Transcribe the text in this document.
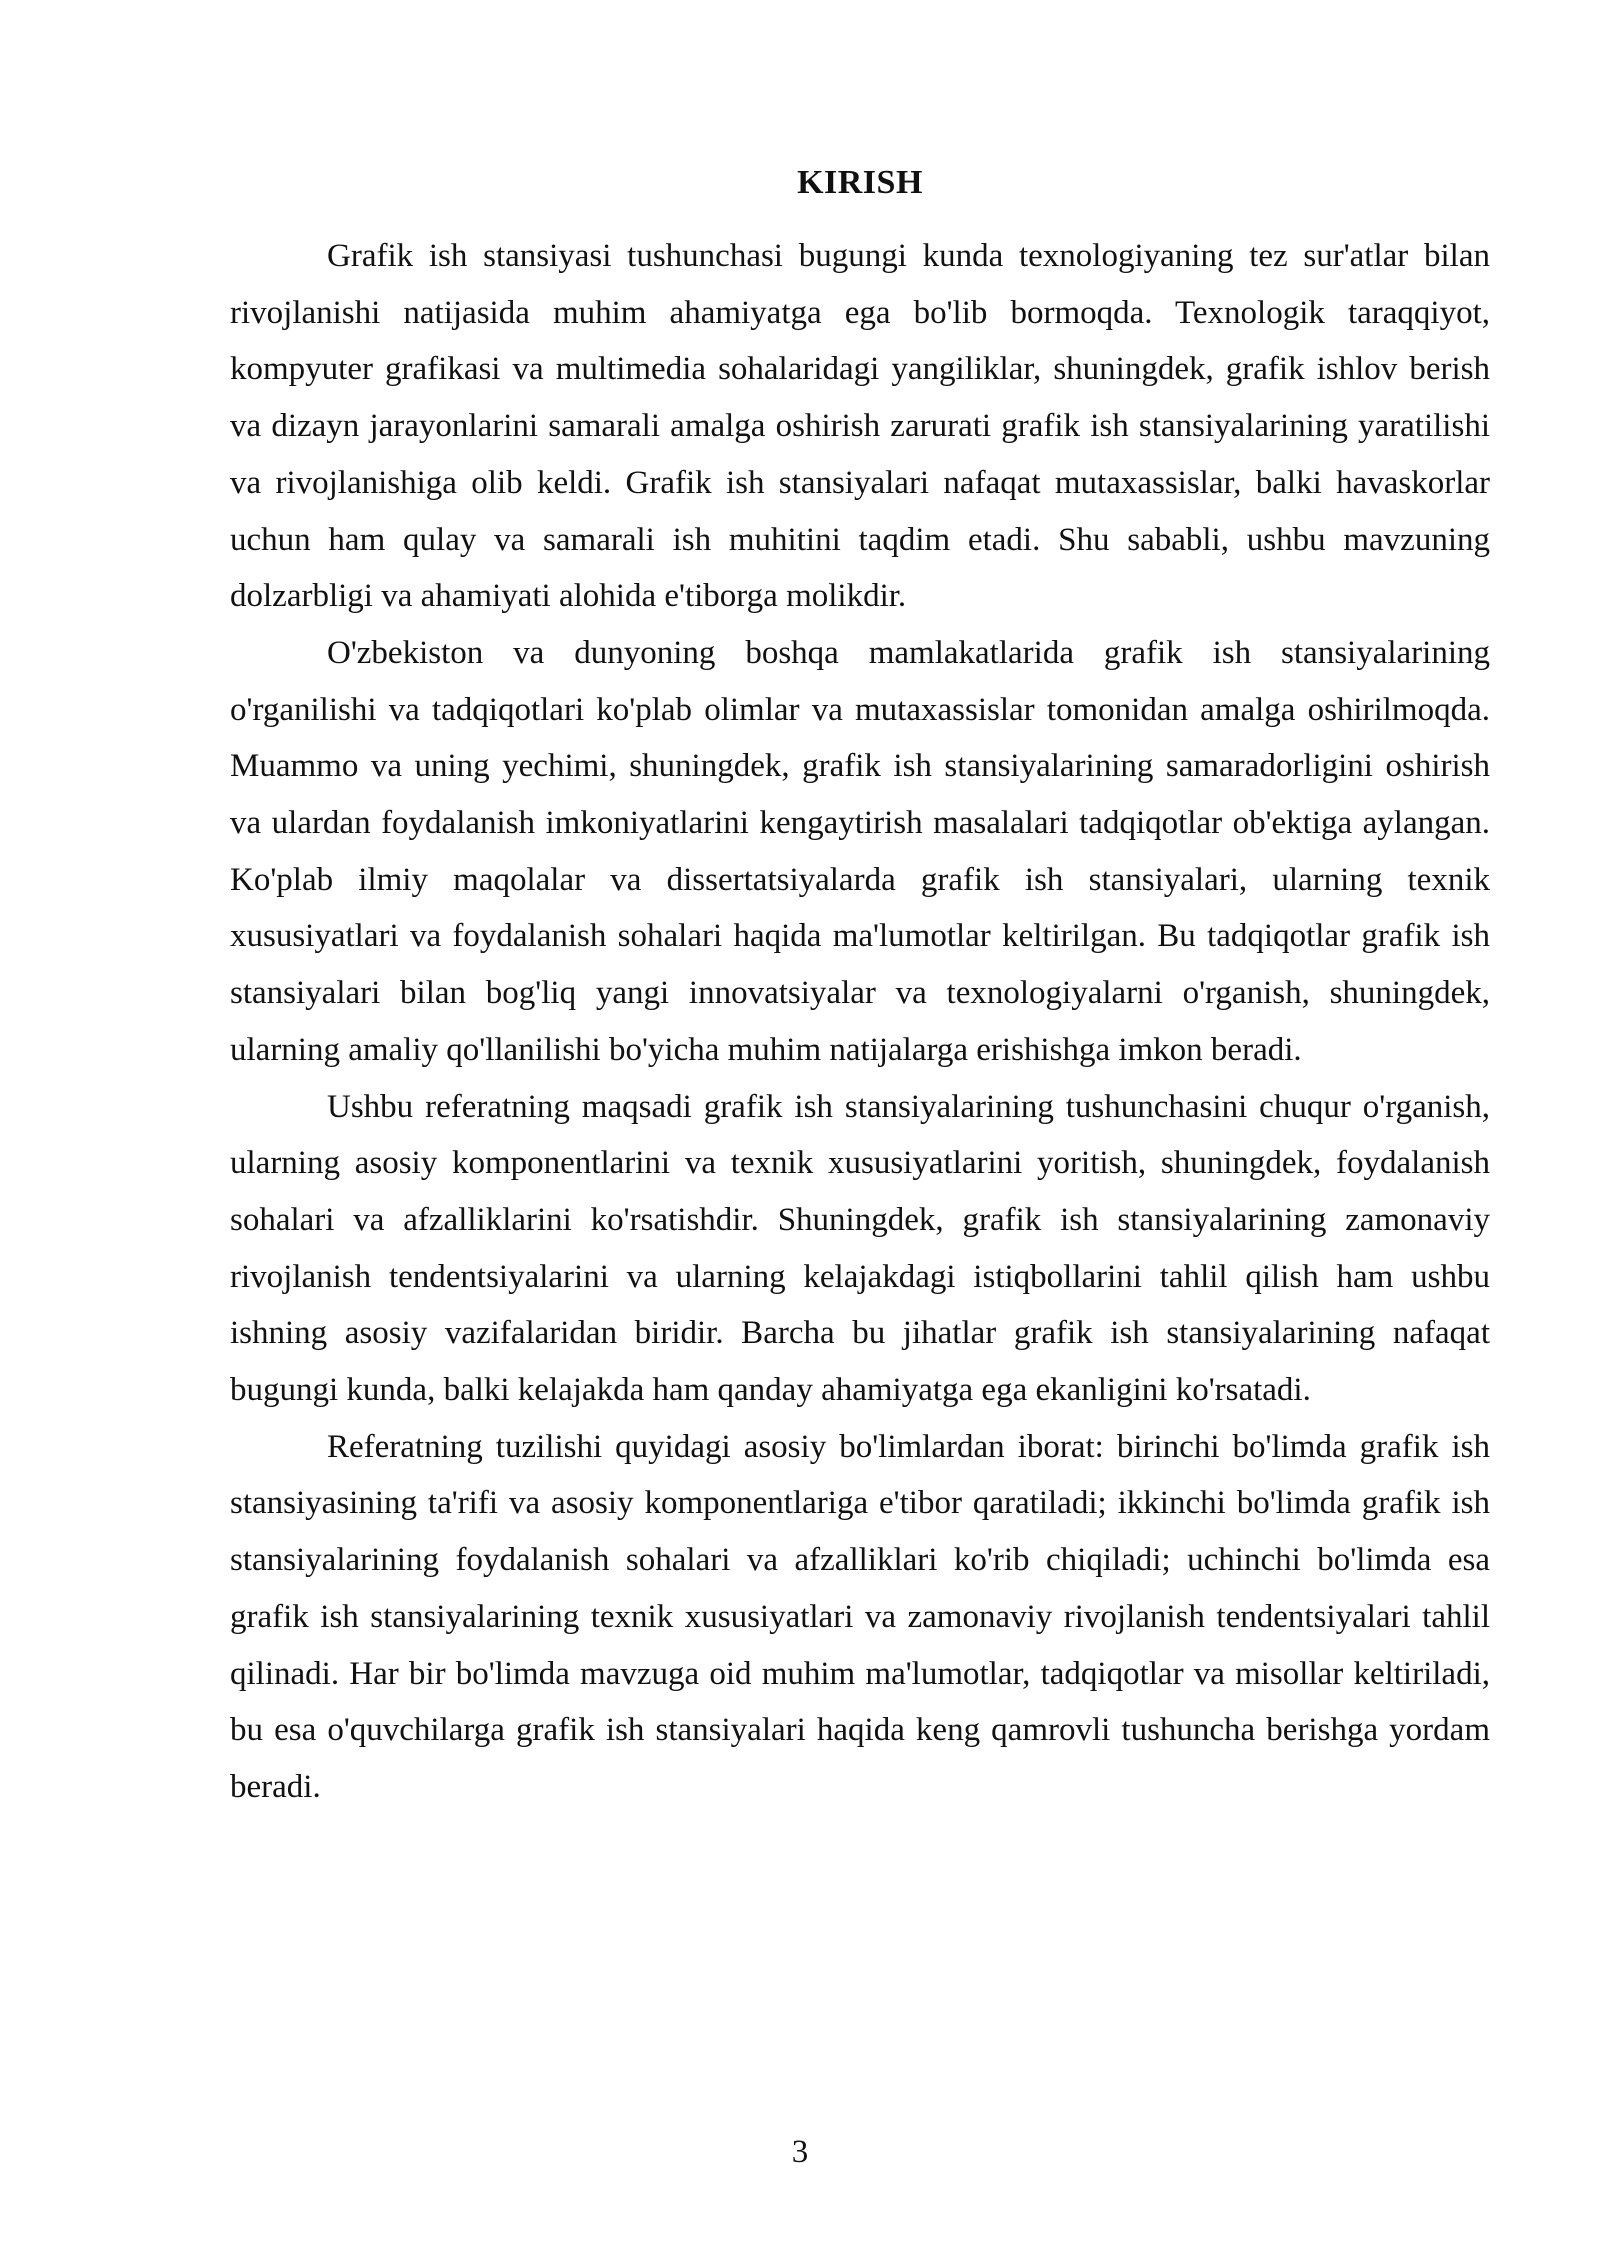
KIRISH

Grafik ish stansiyasi tushunchasi bugungi kunda texnologiyaning tez sur'atlar bilan rivojlanishi natijasida muhim ahamiyatga ega bo'lib bormoqda. Texnologik taraqqiyot, kompyuter grafikasi va multimedia sohalaridagi yangiliklar, shuningdek, grafik ishlov berish va dizayn jarayonlarini samarali amalga oshirish zarurati grafik ish stansiyalarining yaratilishi va rivojlanishiga olib keldi. Grafik ish stansiyalari nafaqat mutaxassislar, balki havaskorlar uchun ham qulay va samarali ish muhitini taqdim etadi. Shu sababli, ushbu mavzuning dolzarbligi va ahamiyati alohida e'tiborga molikdir.

O'zbekiston va dunyoning boshqa mamlakatlarida grafik ish stansiyalarining o'rganilishi va tadqiqotlari ko'plab olimlar va mutaxassislar tomonidan amalga oshirilmoqda. Muammo va uning yechimi, shuningdek, grafik ish stansiyalarining samaradorligini oshirish va ulardan foydalanish imkoniyatlarini kengaytirish masalalari tadqiqotlar ob'ektiga aylangan. Ko'plab ilmiy maqolalar va dissertatsiyalarda grafik ish stansiyalari, ularning texnik xususiyatlari va foydalanish sohalari haqida ma'lumotlar keltirilgan. Bu tadqiqotlar grafik ish stansiyalari bilan bog'liq yangi innovatsiyalar va texnologiyalarni o'rganish, shuningdek, ularning amaliy qo'llanilishi bo'yicha muhim natijalarga erishishga imkon beradi.

Ushbu referatning maqsadi grafik ish stansiyalarining tushunchasini chuqur o'rganish, ularning asosiy komponentlarini va texnik xususiyatlarini yoritish, shuningdek, foydalanish sohalari va afzalliklarini ko'rsatishdir. Shuningdek, grafik ish stansiyalarining zamonaviy rivojlanish tendentsiyalarini va ularning kelajakdagi istiqbollarini tahlil qilish ham ushbu ishning asosiy vazifalaridan biridir. Barcha bu jihatlar grafik ish stansiyalarining nafaqat bugungi kunda, balki kelajakda ham qanday ahamiyatga ega ekanligini ko'rsatadi.

Referatning tuzilishi quyidagi asosiy bo'limlardan iborat: birinchi bo'limda grafik ish stansiyasining ta'rifi va asosiy komponentlariga e'tibor qaratiladi; ikkinchi bo'limda grafik ish stansiyalarining foydalanish sohalari va afzalliklari ko'rib chiqiladi; uchinchi bo'limda esa grafik ish stansiyalarining texnik xususiyatlari va zamonaviy rivojlanish tendentsiyalari tahlil qilinadi. Har bir bo'limda mavzuga oid muhim ma'lumotlar, tadqiqotlar va misollar keltiriladi, bu esa o'quvchilarga grafik ish stansiyalari haqida keng qamrovli tushuncha berishga yordam beradi.

3
